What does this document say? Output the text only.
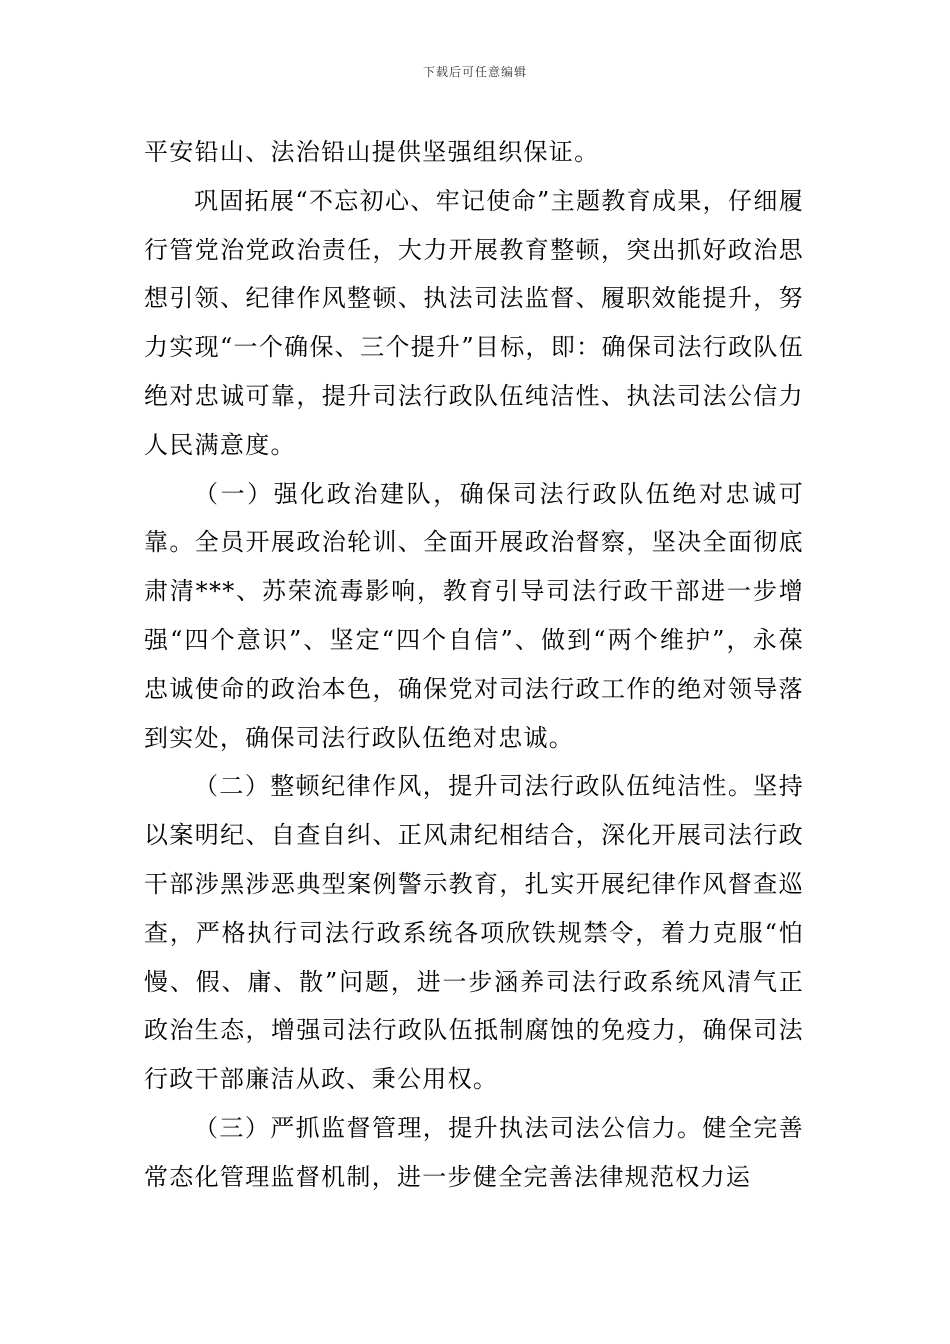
下载后可任意编辑

平安铅山、法治铅山提供坚强组织保证。

巩固拓展“不忘初心、牢记使命”主题教育成果，仔细履行管党治党政治责任，大力开展教育整顿，突出抓好政治思想引领、纪律作风整顿、执法司法监督、履职效能提升，努力实现“一个确保、三个提升”目标，即：确保司法行政队伍绝对忠诚可靠，提升司法行政队伍纯洁性、执法司法公信力人民满意度。

（一）强化政治建队，确保司法行政队伍绝对忠诚可靠。全员开展政治轮训、全面开展政治督察，坚决全面彻底肃清***、苏荣流毒影响，教育引导司法行政干部进一步增强“四个意识”、坚定“四个自信”、做到“两个维护”，永葆忠诚使命的政治本色，确保党对司法行政工作的绝对领导落到实处，确保司法行政队伍绝对忠诚。

（二）整顿纪律作风，提升司法行政队伍纯洁性。坚持以案明纪、自查自纠、正风肃纪相结合，深化开展司法行政干部涉黑涉恶典型案例警示教育，扎实开展纪律作风督查巡查，严格执行司法行政系统各项欣铁规禁令，着力克服“怕慢、假、庸、散”问题，进一步涵养司法行政系统风清气正政治生态，增强司法行政队伍抵制腐蚀的免疫力，确保司法行政干部廉洁从政、秉公用权。

（三）严抓监督管理，提升执法司法公信力。健全完善常态化管理监督机制，进一步健全完善法律规范权力运
